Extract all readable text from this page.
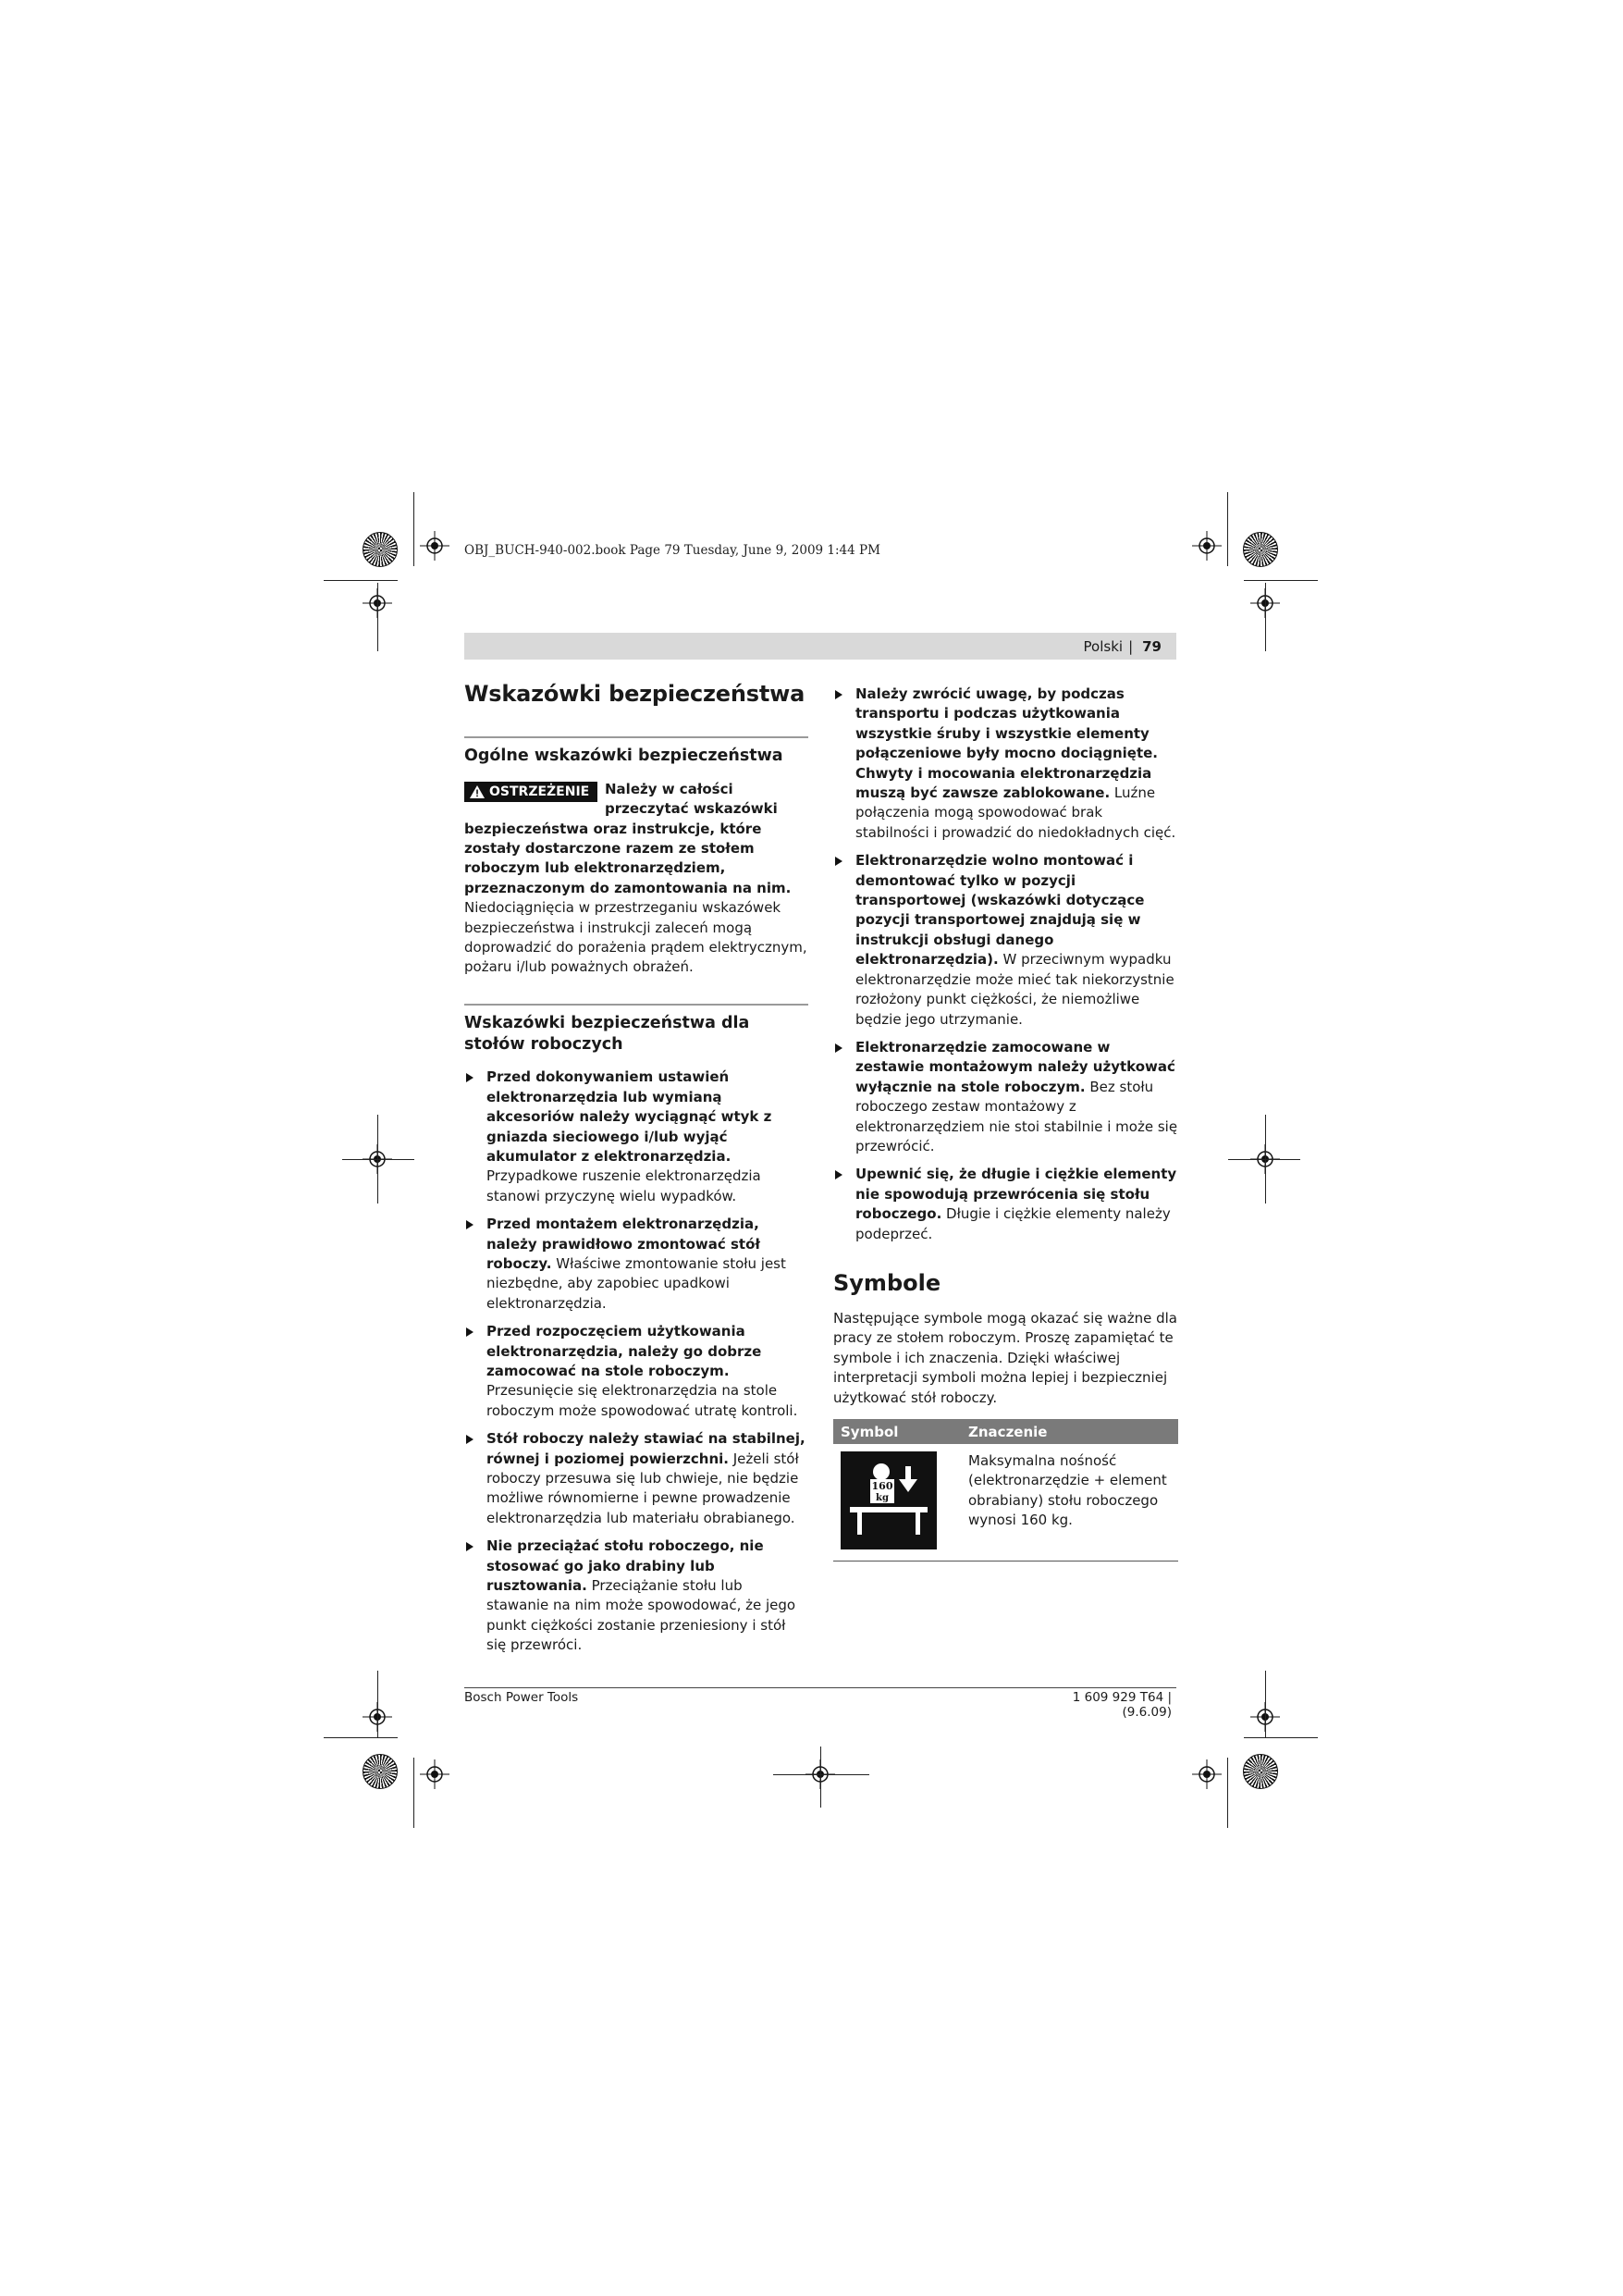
OBJ_BUCH-940-002.book Page 79 Tuesday, June 9, 2009 1:44 PM
Polski | 79
Wskazówki bezpieczeństwa
Ogólne wskazówki bezpieczeństwa
OSTRZEŻENIE	Należy w całości przeczytać wskazówki bezpieczeństwa oraz instrukcje, które zostały dostarczone razem ze stołem roboczym lub elektronarzędziem, przeznaczonym do zamontowania na nim. Niedociągnięcia w przestrzeganiu wskazówek bezpieczeństwa i instrukcji zaleceń mogą doprowadzić do porażenia prądem elektrycznym, pożaru i/lub poważnych obrażeń.

Wskazówki bezpieczeństwa dla stołów roboczych
Przed dokonywaniem ustawień elektronarzędzia lub wymianą akcesoriów należy wyciągnąć wtyk z gniazda sieciowego i/lub wyjąć akumulator z elektronarzędzia. Przypadkowe ruszenie elektronarzędzia stanowi przyczynę wielu wypadków.
Przed montażem elektronarzędzia, należy prawidłowo zmontować stół roboczy. Właściwe zmontowanie stołu jest niezbędne, aby zapobiec upadkowi elektronarzędzia.
Przed rozpoczęciem użytkowania elektronarzędzia, należy go dobrze zamocować na stole roboczym. Przesunięcie się elektronarzędzia na stole roboczym może spowodować utratę kontroli.
Stół roboczy należy stawiać na stabilnej, równej i poziomej powierzchni. Jeżeli stół roboczy przesuwa się lub chwieje, nie będzie możliwe równomierne i pewne prowadzenie elektronarzędzia lub materiału obrabianego.
Nie przeciążać stołu roboczego, nie stosować go jako drabiny lub rusztowania. Przeciążanie stołu lub stawanie na nim może spowodować, że jego punkt ciężkości zostanie przeniesiony i stół się przewróci.
Należy zwrócić uwagę, by podczas transportu i podczas użytkowania wszystkie śruby i wszystkie elementy połączeniowe były mocno dociągnięte. Chwyty i mocowania elektronarzędzia muszą być zawsze zablokowane. Luźne połączenia mogą spowodować brak stabilności i prowadzić do niedokładnych cięć.
Elektronarzędzie wolno montować i demontować tylko w pozycji transportowej (wskazówki dotyczące pozycji transportowej znajdują się w instrukcji obsługi danego elektronarzędzia). W przeciwnym wypadku elektronarzędzie może mieć tak niekorzystnie rozłożony punkt ciężkości, że niemożliwe będzie jego utrzymanie.
Elektronarzędzie zamocowane w zestawie montażowym należy użytkować wyłącznie na stole roboczym. Bez stołu roboczego zestaw montażowy z elektronarzędziem nie stoi stabilnie i może się przewrócić.
Upewnić się, że długie i ciężkie elementy nie spowodują przewrócenia się stołu roboczego. Długie i ciężkie elementy należy podeprzeć.
Symbole

Następujące symbole mogą okazać się ważne dla pracy ze stołem roboczym. Proszę zapamiętać te symbole i ich znaczenia. Dzięki właściwej interpretacji symboli można lepiej i bezpieczniej użytkować stół roboczy.

Symbol	Znaczenie

160
kg	Maksymalna nośność (elektronarzędzie + element obrabiany) stołu roboczego wynosi 160 kg.
Bosch Power Tools	1 609 929 T64 | (9.6.09)
